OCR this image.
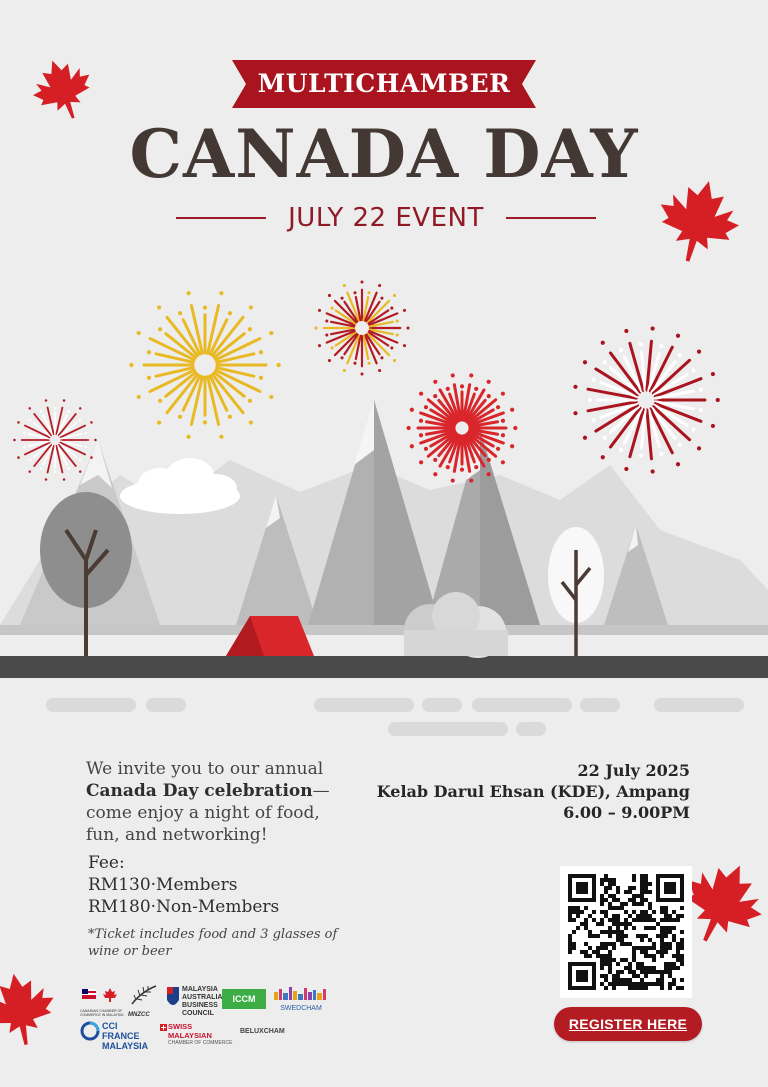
MULTICHAMBER
CANADA DAY
JULY 22 EVENT
We invite you to our annual
Canada Day celebration—
come enjoy a night of food,
fun, and networking!
Fee:
RM130·Members
RM180·Non-Members
*Ticket includes food and 3 glasses of wine or beer
22 July 2025
Kelab Darul Ehsan (KDE), Ampang
6.00 – 9.00PM
REGISTER HERE
CANADIAN CHAMBER OF COMMERCE IN MALAYSIA MNZCC
MALAYSIA
AUSTRALIA
BUSINESS
COUNCIL
ICCM
SWEDCHAM
CCI FRANCE
MALAYSIA
SWISS MALAYSIAN
CHAMBER OF COMMERCE
BELUXCHAM
